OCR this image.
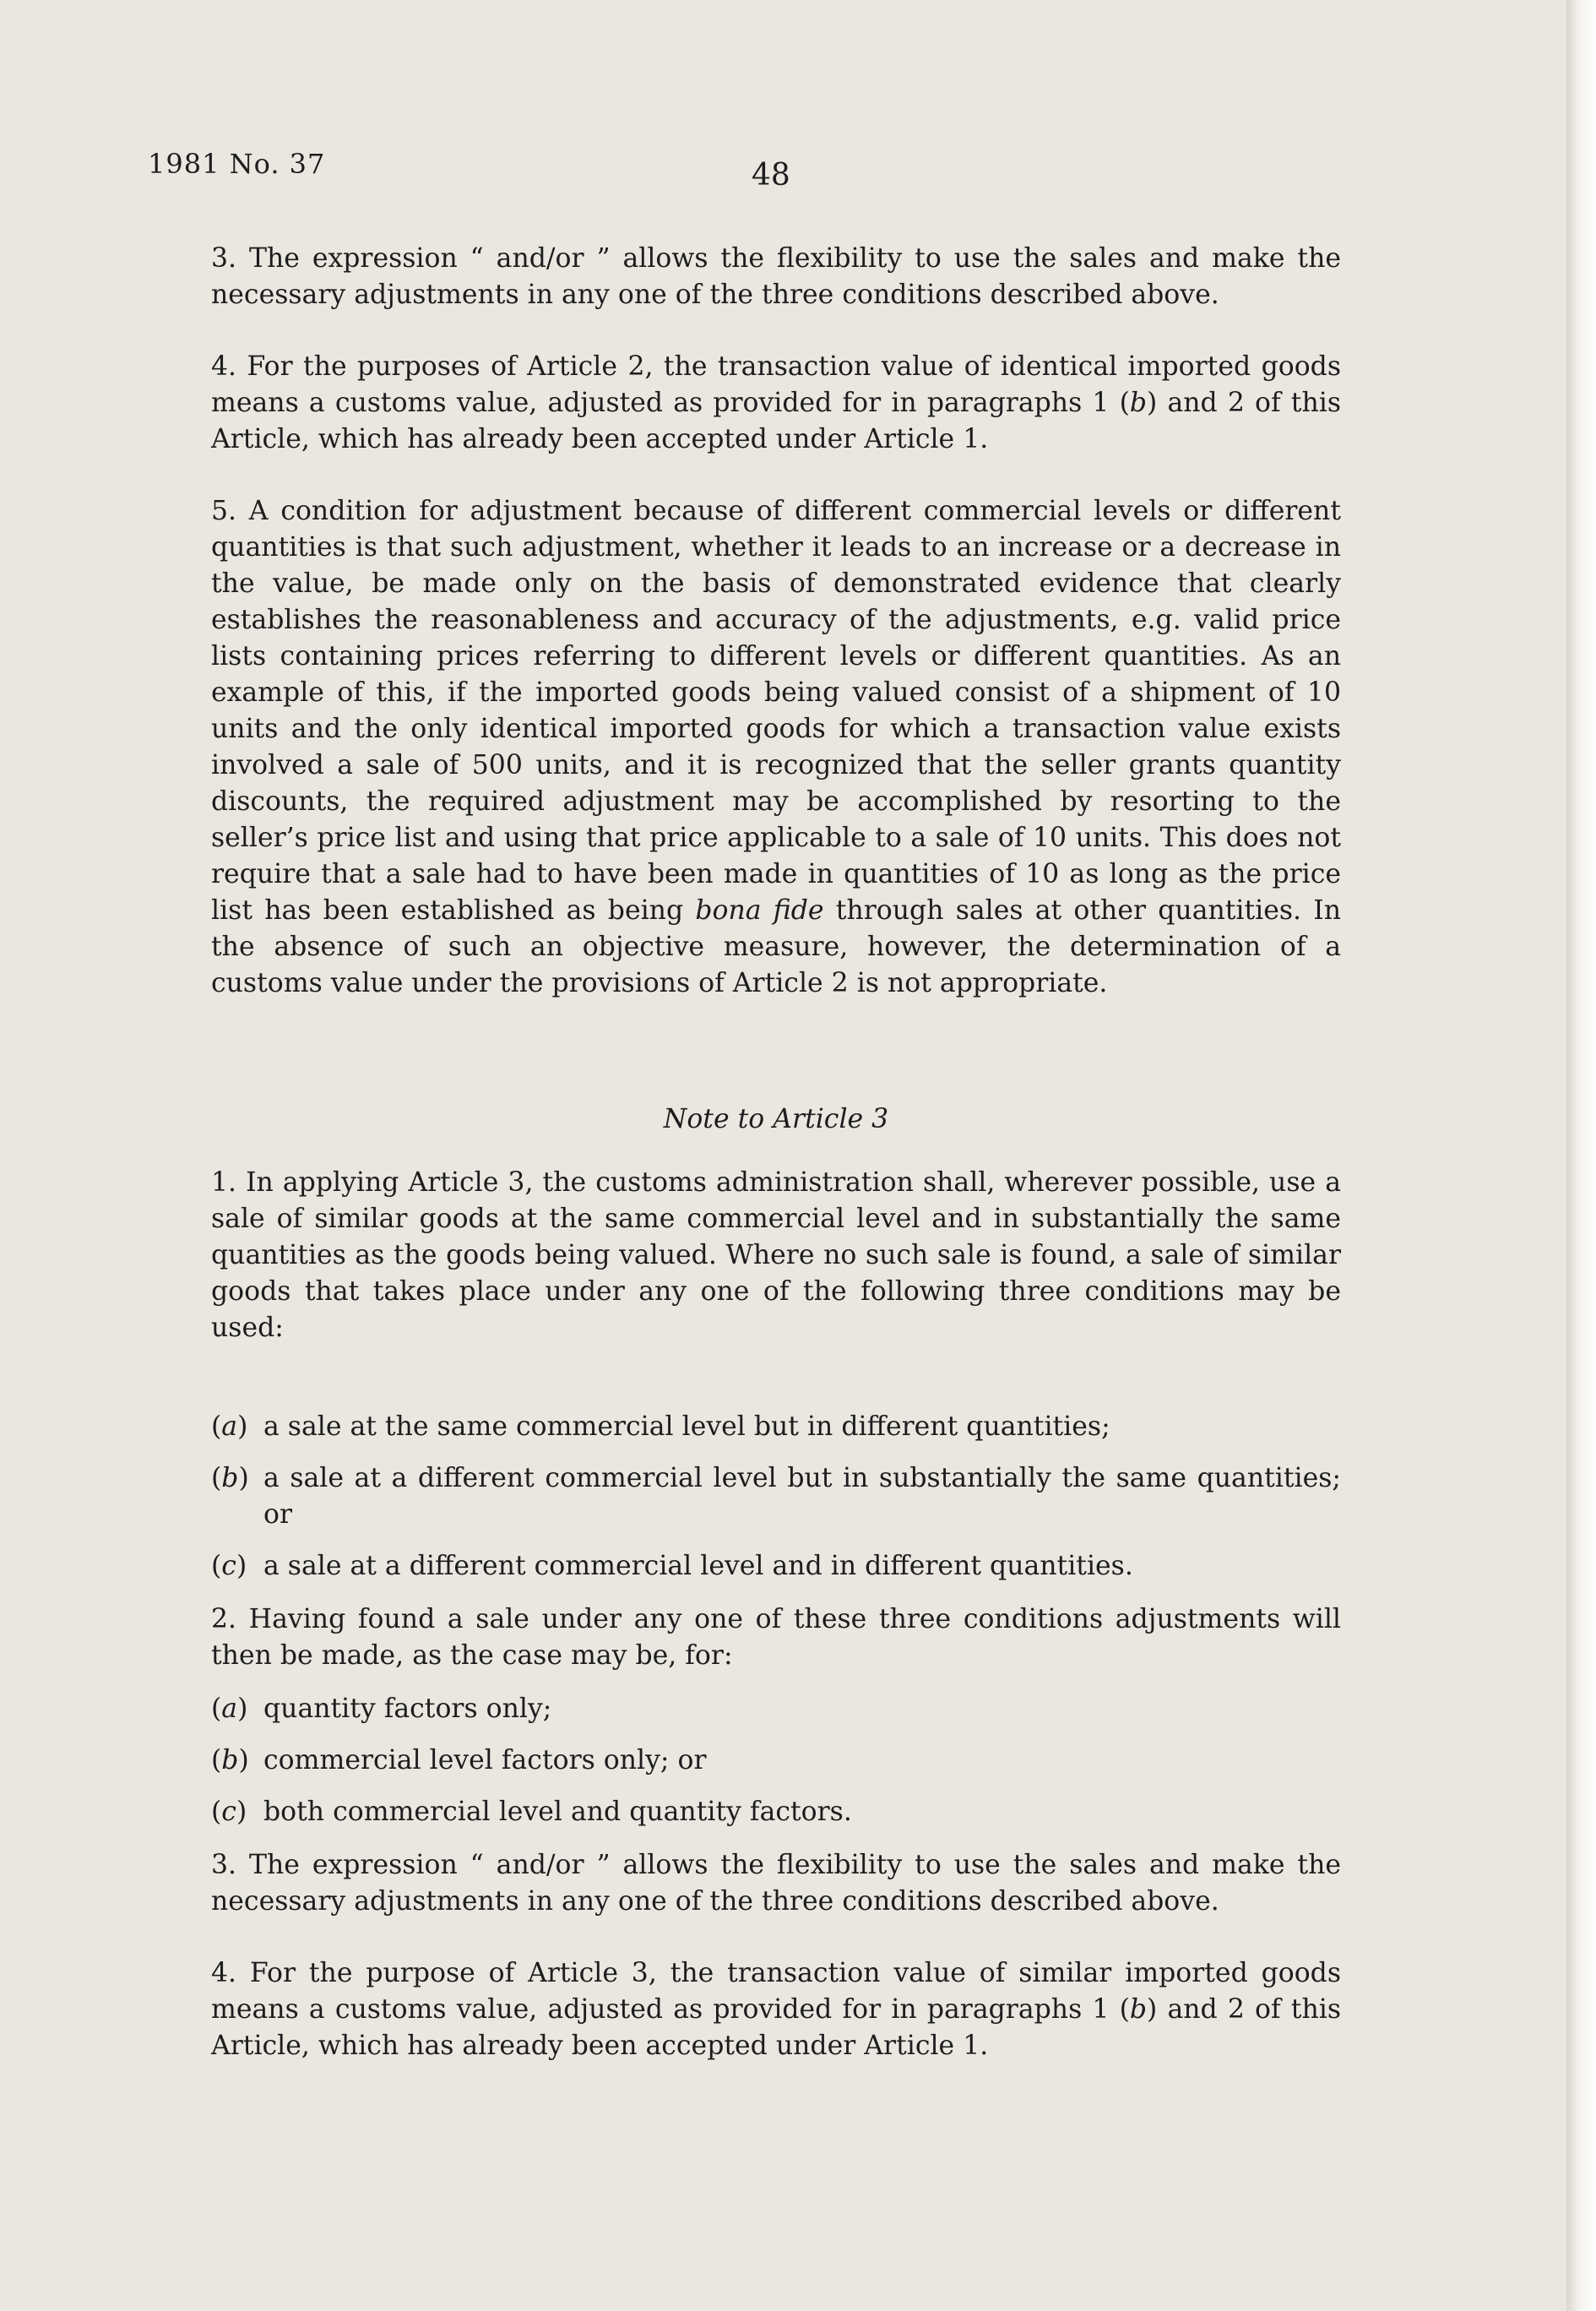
1981 No. 37	48

3. The expression “ and/or ” allows the flexibility to use the sales and make the necessary adjustments in any one of the three conditions described above.

4. For the purposes of Article 2, the transaction value of identical imported goods means a customs value, adjusted as provided for in paragraphs 1 (b) and 2 of this Article, which has already been accepted under Article 1.

5. A condition for adjustment because of different commercial levels or different quantities is that such adjustment, whether it leads to an increase or a decrease in the value, be made only on the basis of demonstrated evidence that clearly establishes the reasonableness and accuracy of the adjustments, e.g. valid price lists containing prices referring to different levels or different quantities. As an example of this, if the imported goods being valued consist of a shipment of 10 units and the only identical imported goods for which a transaction value exists involved a sale of 500 units, and it is recognized that the seller grants quantity discounts, the required adjustment may be accomplished by resorting to the seller’s price list and using that price applicable to a sale of 10 units. This does not require that a sale had to have been made in quantities of 10 as long as the price list has been established as being bona fide through sales at other quantities. In the absence of such an objective measure, however, the determination of a customs value under the provisions of Article 2 is not appropriate.

Note to Article 3

1. In applying Article 3, the customs administration shall, wherever possible, use a sale of similar goods at the same commercial level and in substantially the same quantities as the goods being valued. Where no such sale is found, a sale of similar goods that takes place under any one of the following three conditions may be used:

(a) a sale at the same commercial level but in different quantities;
(b) a sale at a different commercial level but in substantially the same quantities; or
(c) a sale at a different commercial level and in different quantities.

2. Having found a sale under any one of these three conditions adjustments will then be made, as the case may be, for:

(a) quantity factors only;
(b) commercial level factors only; or
(c) both commercial level and quantity factors.

3. The expression “ and/or ” allows the flexibility to use the sales and make the necessary adjustments in any one of the three conditions described above.

4. For the purpose of Article 3, the transaction value of similar imported goods means a customs value, adjusted as provided for in paragraphs 1 (b) and 2 of this Article, which has already been accepted under Article 1.
